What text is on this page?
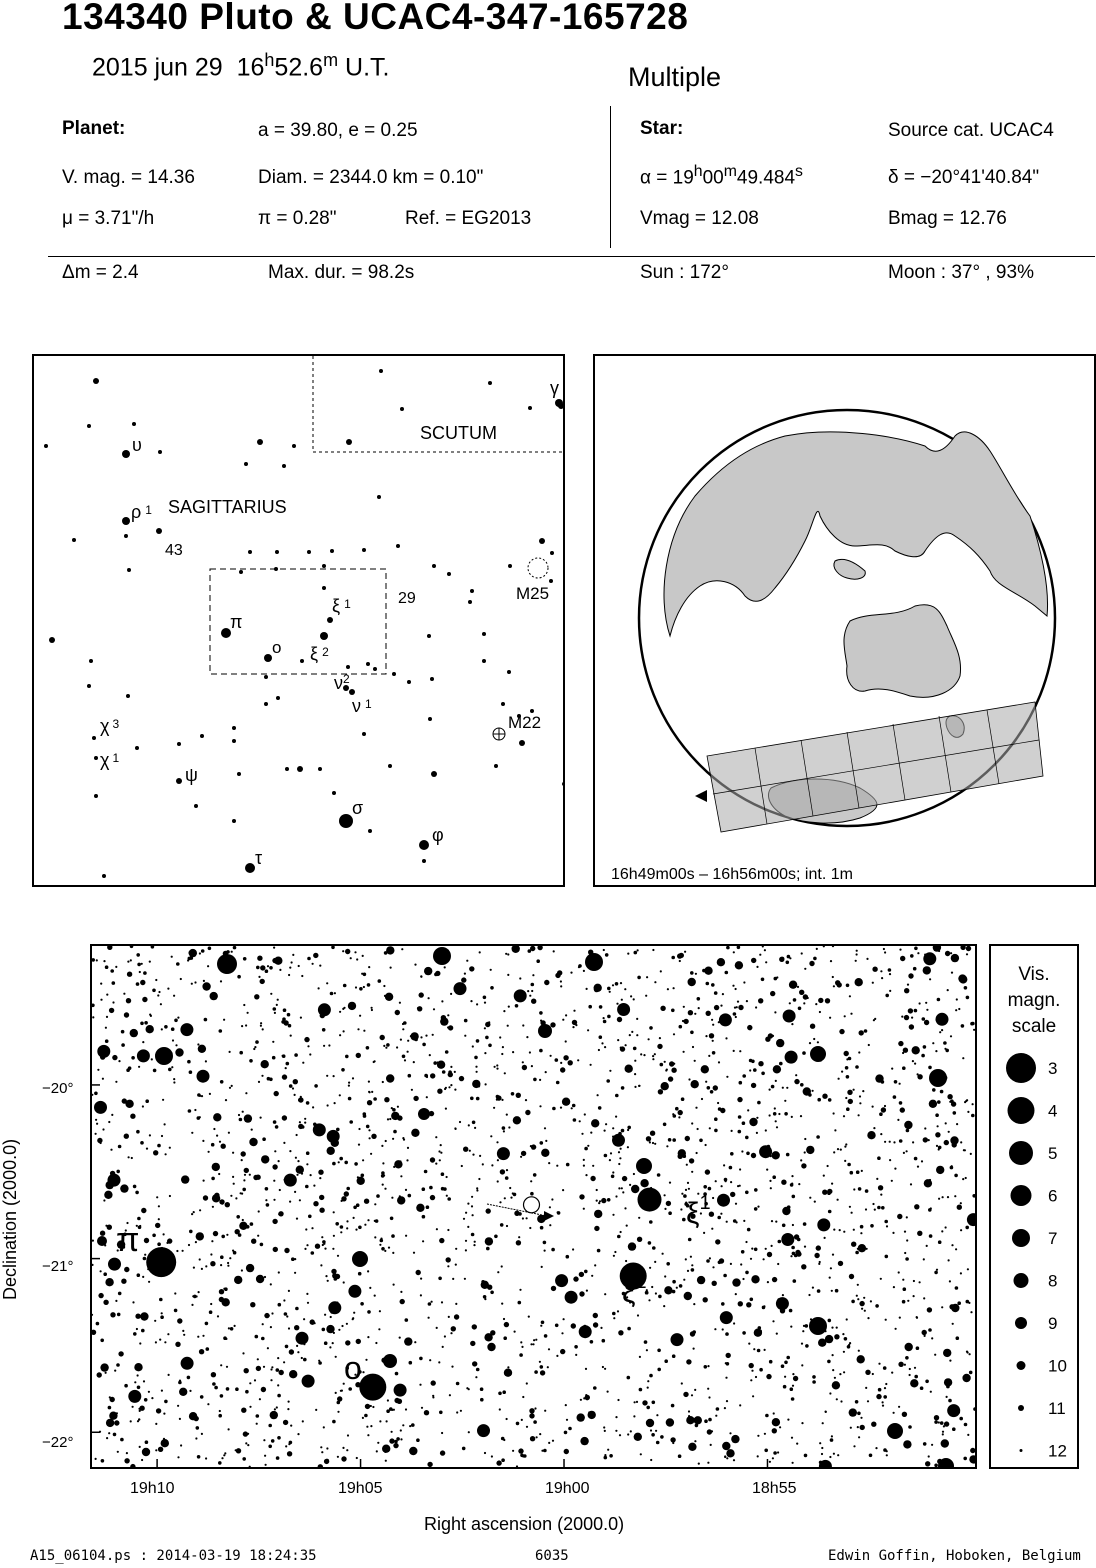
134340 Pluto & UCAC4-347-165728
2015 jun 29 16$^h$52.6$^m$ U.T.	Multiple
Planet:	a = 39.80, e = 0.25
V. mag. = 14.36	Diam. = 2344.0 km = 0.10"
μ = 3.71"/h	π = 0.28"	Ref. = EG2013
Star:	Source cat. UCAC4
$\alpha = 19^h00^m49.484^s$	δ = −20°41'40.84"
Vmag = 12.08	Bmag = 12.76
Δm = 2.4	Max. dur. = 98.2s	Sun : 172°	Moon : 37° , 93%
SCUTUM
SAGITTARIUS
M25
M22
43
29
υ
ρ $^1$
γ
π
o
ξ $^1$
ξ $^2$
$\nu^2$
ν $^1$
χ $^3$
χ $^1$
ψ
σ
φ
τ
16h49m00s – 16h56m00s; int. 1m
Declination (2000.0)	π
o
$\xi^1$
$\xi^2$
−20°
−21°
−22°
19h10	19h05	19h00	18h55
Right ascension (2000.0)
Vis.
magn.
scale
3
4
5
6
7
8
9
10
11
12
A15_06104.ps : 2014-03-19 18:24:35	6035	Edwin Goffin, Hoboken, Belgium
